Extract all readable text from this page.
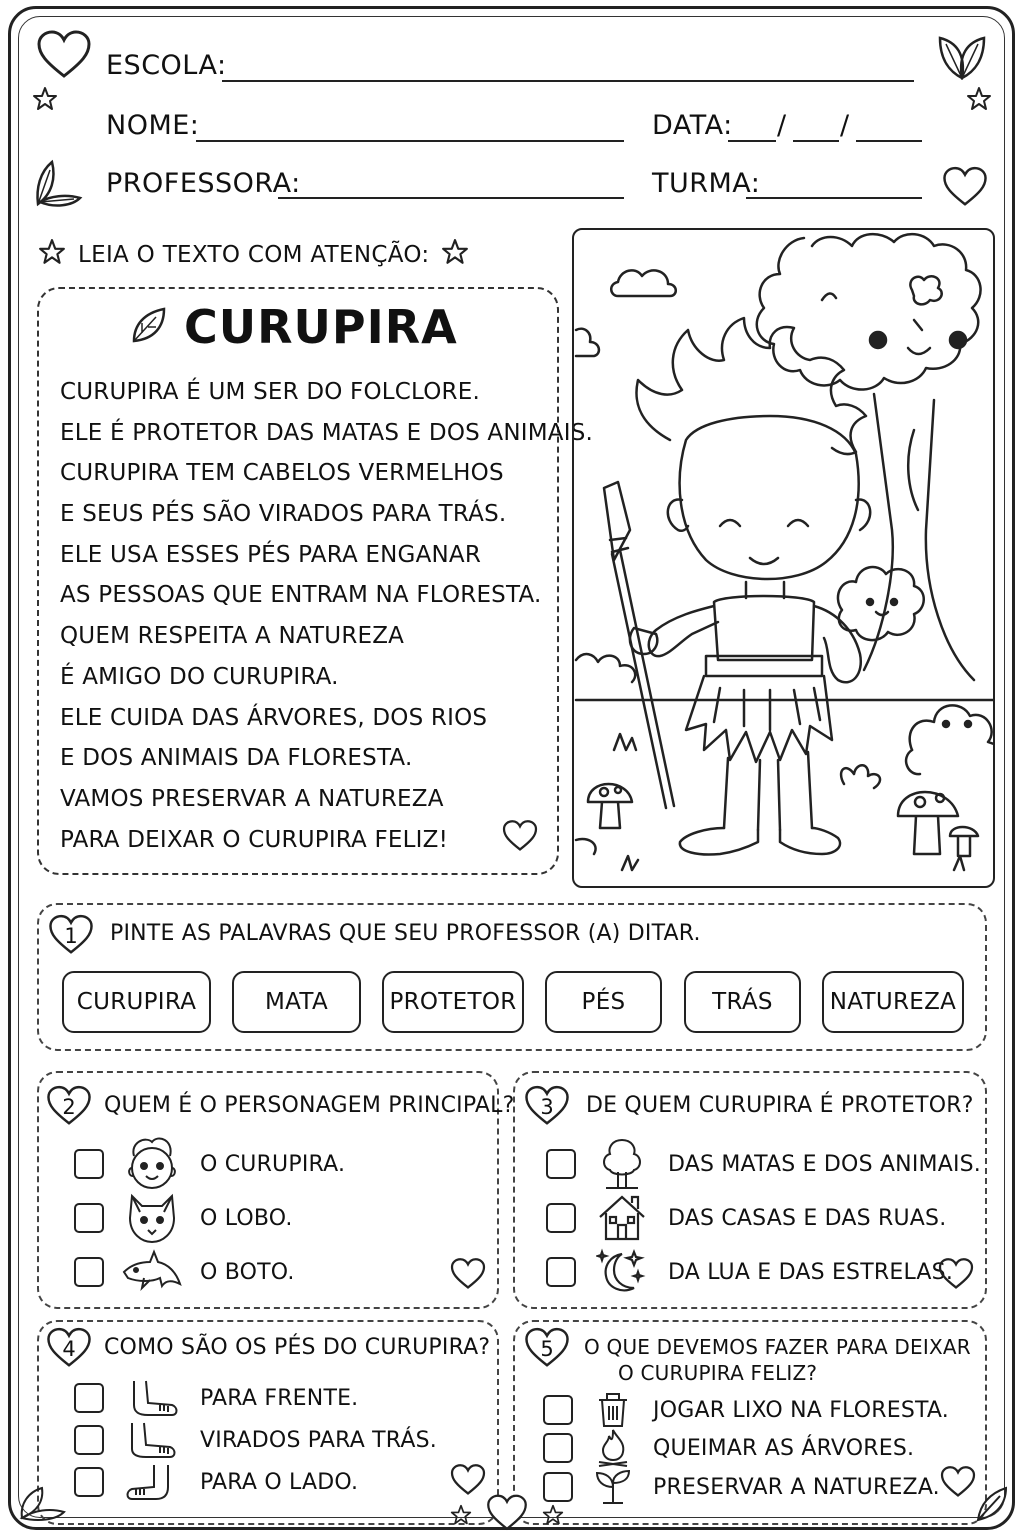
ESCOLA:
NOME:	DATA: / /
PROFESSORA:	TURMA:
LEIA O TEXTO COM ATENÇÃO:
CURUPIRA
CURUPIRA É UM SER DO FOLCLORE.
ELE É PROTETOR DAS MATAS E DOS ANIMAIS.
CURUPIRA TEM CABELOS VERMELHOS
E SEUS PÉS SÃO VIRADOS PARA TRÁS.
ELE USA ESSES PÉS PARA ENGANAR
AS PESSOAS QUE ENTRAM NA FLORESTA.
QUEM RESPEITA A NATUREZA
É AMIGO DO CURUPIRA.
ELE CUIDA DAS ÁRVORES, DOS RIOS
E DOS ANIMAIS DA FLORESTA.
VAMOS PRESERVAR A NATUREZA
PARA DEIXAR O CURUPIRA FELIZ!
1	PINTE AS PALAVRAS QUE SEU PROFESSOR (A) DITAR.
CURUPIRA	MATA	PROTETOR	PÉS	TRÁS	NATUREZA
2	QUEM É O PERSONAGEM PRINCIPAL?
O CURUPIRA.
O LOBO.
O BOTO.
3	DE QUEM CURUPIRA É PROTETOR?
DAS MATAS E DOS ANIMAIS.
DAS CASAS E DAS RUAS.
DA LUA E DAS ESTRELAS.
4	COMO SÃO OS PÉS DO CURUPIRA?
PARA FRENTE.
VIRADOS PARA TRÁS.
PARA O LADO.
5	O QUE DEVEMOS FAZER PARA DEIXAR
O CURUPIRA FELIZ?
JOGAR LIXO NA FLORESTA.
QUEIMAR AS ÁRVORES.
PRESERVAR A NATUREZA.
